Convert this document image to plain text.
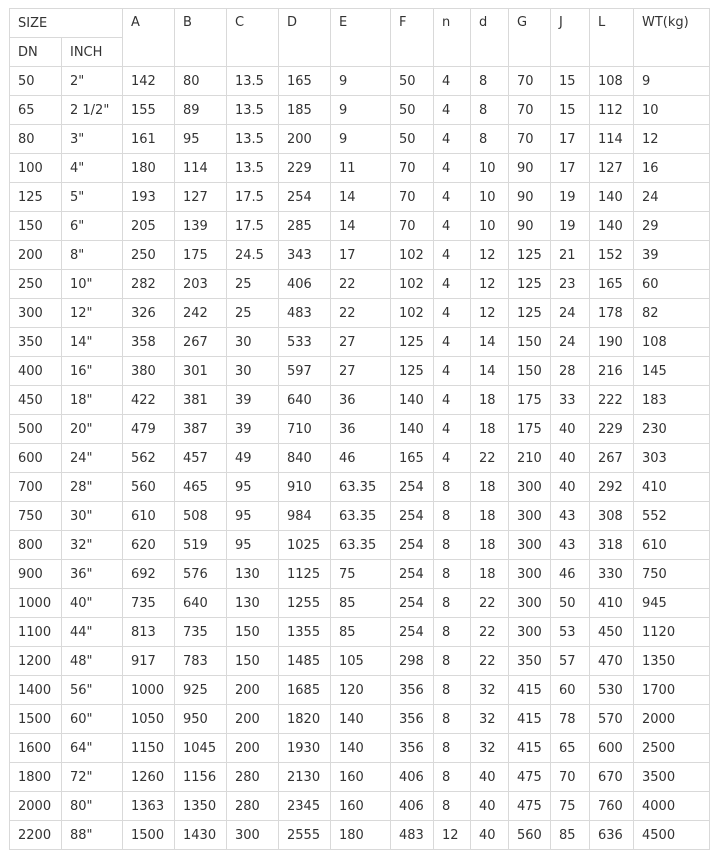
SIZE		A	B	C	D	E	F	n	d	G	J	L	WT(kg)
DN	INCH												
50	2"	142	80	13.5	165	9	50	4	8	70	15	108	9
65	2 1/2"	155	89	13.5	185	9	50	4	8	70	15	112	10
80	3"	161	95	13.5	200	9	50	4	8	70	17	114	12
100	4"	180	114	13.5	229	11	70	4	10	90	17	127	16
125	5"	193	127	17.5	254	14	70	4	10	90	19	140	24
150	6"	205	139	17.5	285	14	70	4	10	90	19	140	29
200	8"	250	175	24.5	343	17	102	4	12	125	21	152	39
250	10"	282	203	25	406	22	102	4	12	125	23	165	60
300	12"	326	242	25	483	22	102	4	12	125	24	178	82
350	14"	358	267	30	533	27	125	4	14	150	24	190	108
400	16"	380	301	30	597	27	125	4	14	150	28	216	145
450	18"	422	381	39	640	36	140	4	18	175	33	222	183
500	20"	479	387	39	710	36	140	4	18	175	40	229	230
600	24"	562	457	49	840	46	165	4	22	210	40	267	303
700	28"	560	465	95	910	63.35	254	8	18	300	40	292	410
750	30"	610	508	95	984	63.35	254	8	18	300	43	308	552
800	32"	620	519	95	1025	63.35	254	8	18	300	43	318	610
900	36"	692	576	130	1125	75	254	8	18	300	46	330	750
1000	40"	735	640	130	1255	85	254	8	22	300	50	410	945
1100	44"	813	735	150	1355	85	254	8	22	300	53	450	1120
1200	48"	917	783	150	1485	105	298	8	22	350	57	470	1350
1400	56"	1000	925	200	1685	120	356	8	32	415	60	530	1700
1500	60"	1050	950	200	1820	140	356	8	32	415	78	570	2000
1600	64"	1150	1045	200	1930	140	356	8	32	415	65	600	2500
1800	72"	1260	1156	280	2130	160	406	8	40	475	70	670	3500
2000	80"	1363	1350	280	2345	160	406	8	40	475	75	760	4000
2200	88"	1500	1430	300	2555	180	483	12	40	560	85	636	4500
